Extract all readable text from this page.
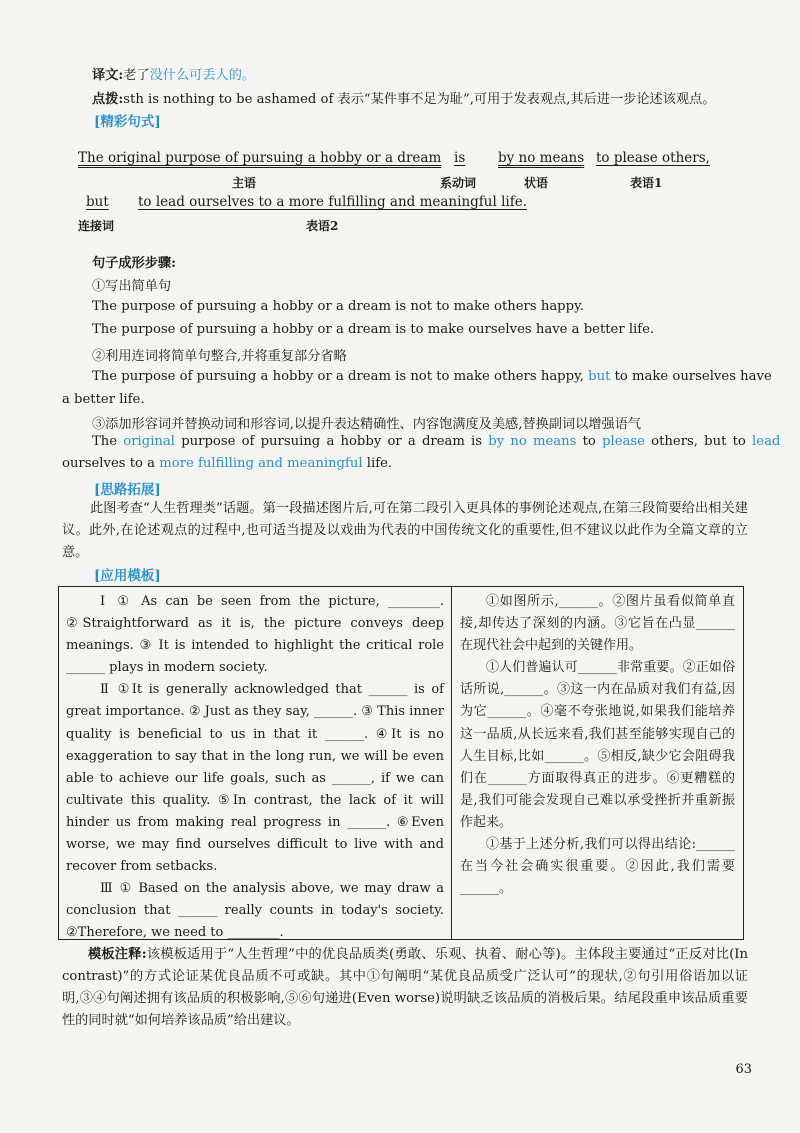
译文:老了没什么可丢人的。
点拨:sth is nothing to be ashamed of 表示“某件事不足为耻”,可用于发表观点,其后进一步论述该观点。
[精彩句式]
The original purpose of pursuing a hobby or a dream is by no means to please others,
主语	系动词	状语	表语1
but to lead ourselves to a more fulfilling and meaningful life.
连接词	表语2
句子成形步骤:
①写出简单句
The purpose of pursuing a hobby or a dream is not to make others happy.
The purpose of pursuing a hobby or a dream is to make ourselves have a better life.
②利用连词将简单句整合,并将重复部分省略
The purpose of pursuing a hobby or a dream is not to make others happy, but to make ourselves have
a better life.
③添加形容词并替换动词和形容词,以提升表达精确性、内容饱满度及美感,替换副词以增强语气
The original purpose of pursuing a hobby or a dream is by no means to please others, but to lead
ourselves to a more fulfilling and meaningful life.
[思路拓展]
此图考查“人生哲理类”话题。第一段描述图片后,可在第二段引入更具体的事例论述观点,在第三段简要给出相关建议。此外,在论述观点的过程中,也可适当提及以戏曲为代表的中国传统文化的重要性,但不建议以此作为全篇文章的立意。
[应用模板]
Ⅰ ① As can be seen from the picture, ________. ②Straightforward as it is, the picture conveys deep meanings. ③ It is intended to highlight the critical role ______ plays in modern society.
Ⅱ ①It is generally acknowledged that ______ is of great importance. ② Just as they say, ______. ③ This inner quality is beneficial to us in that it ______. ④It is no exaggeration to say that in the long run, we will be even able to achieve our life goals, such as ______, if we can cultivate this quality. ⑤In contrast, the lack of it will hinder us from making real progress in ______. ⑥Even worse, we may find ourselves difficult to live with and recover from setbacks.
Ⅲ ① Based on the analysis above, we may draw a conclusion that ______ really counts in today's society. ②Therefore, we need to ________.
①如图所示,______。②图片虽看似简单直接,却传达了深刻的内涵。③它旨在凸显______在现代社会中起到的关键作用。
①人们普遍认可______非常重要。②正如俗话所说,______。③这一内在品质对我们有益,因为它______。④毫不夸张地说,如果我们能培养这一品质,从长远来看,我们甚至能够实现自己的人生目标,比如______。⑤相反,缺少它会阻碍我们在______方面取得真正的进步。⑥更糟糕的是,我们可能会发现自己难以承受挫折并重新振作起来。
①基于上述分析,我们可以得出结论:______在当今社会确实很重要。②因此,我们需要______。
模板注释:该模板适用于“人生哲理”中的优良品质类(勇敢、乐观、执着、耐心等)。主体段主要通过“正反对比(In contrast)”的方式论证某优良品质不可或缺。其中①句阐明“某优良品质受广泛认可”的现状,②句引用俗语加以证明,③④句阐述拥有该品质的积极影响,⑤⑥句递进(Even worse)说明缺乏该品质的消极后果。结尾段重申该品质重要性的同时就“如何培养该品质”给出建议。
63
